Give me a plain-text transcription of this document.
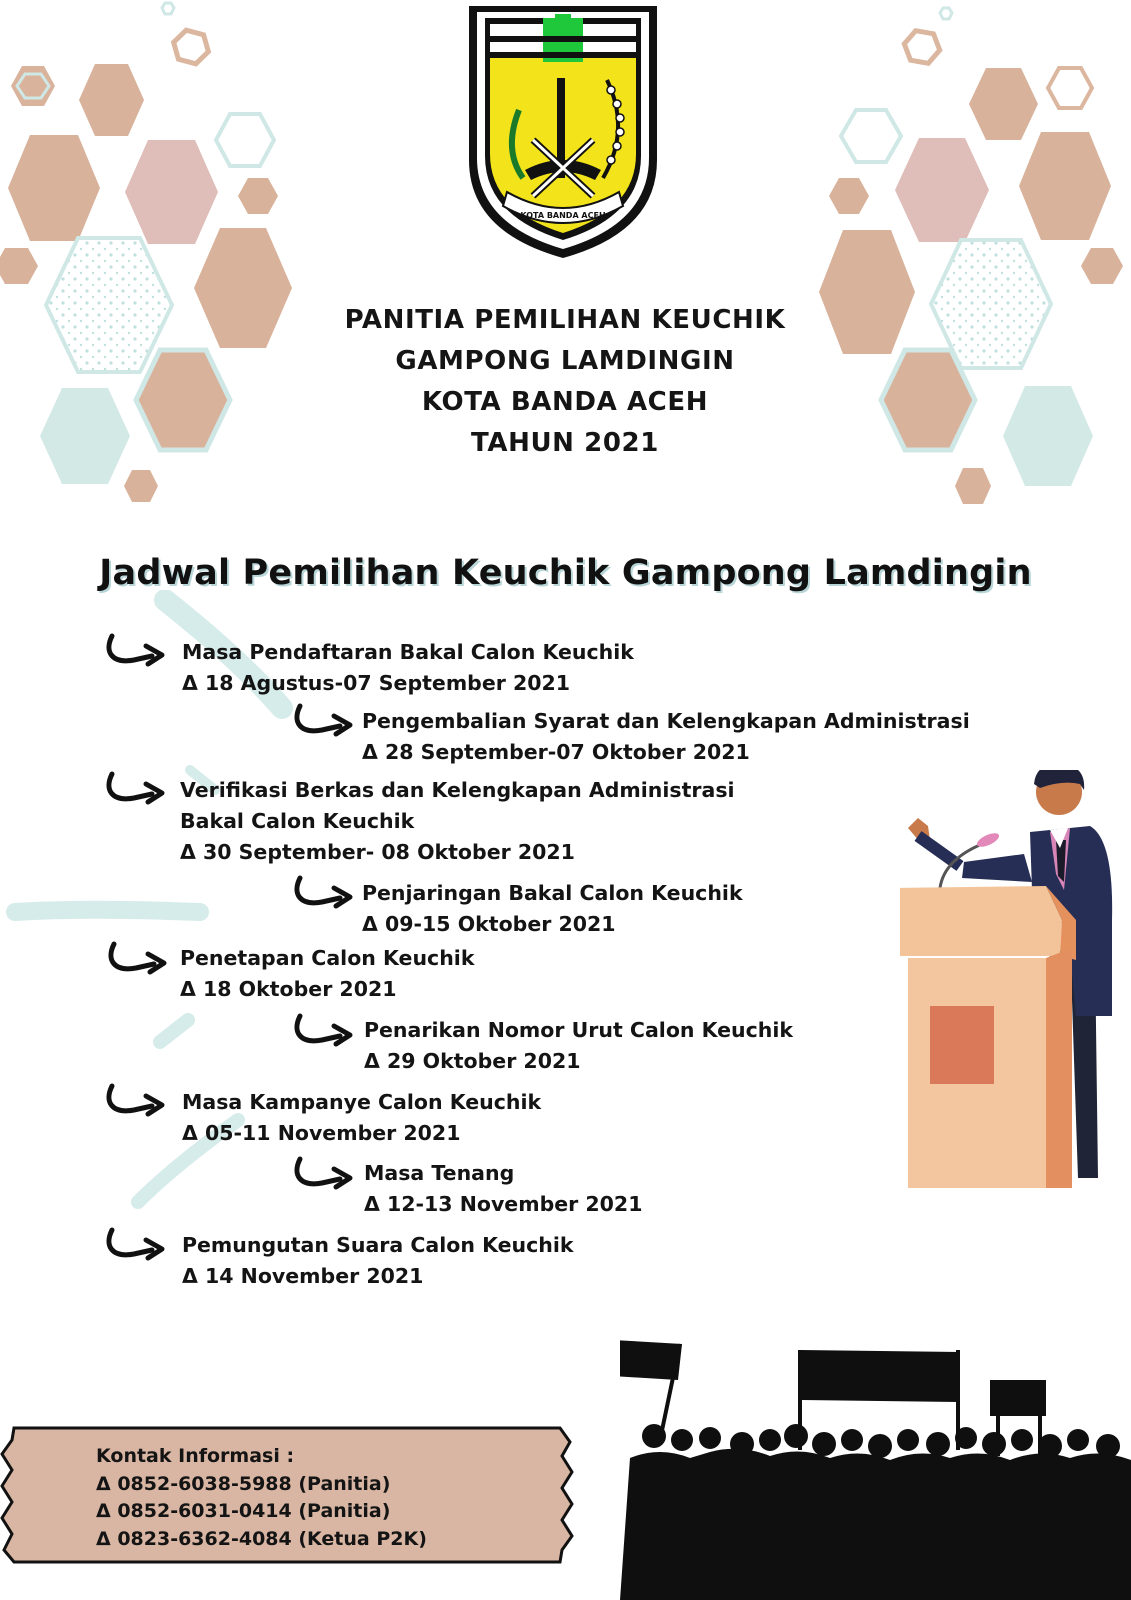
KOTA BANDA ACEH
PANITIA PEMILIHAN KEUCHIK
GAMPONG LAMDINGIN
KOTA BANDA ACEH
TAHUN 2021
Jadwal Pemilihan Keuchik Gampong Lamdingin
Masa Pendaftaran Bakal Calon Keuchik
Δ 18 Agustus-07 September 2021
Pengembalian Syarat dan Kelengkapan Administrasi
Δ 28 September-07 Oktober 2021
Verifikasi Berkas dan Kelengkapan Administrasi
Bakal Calon Keuchik
Δ 30 September- 08 Oktober 2021
Penjaringan Bakal Calon Keuchik
Δ 09-15 Oktober 2021
Penetapan Calon Keuchik
Δ 18 Oktober 2021
Penarikan Nomor Urut Calon Keuchik
Δ 29 Oktober 2021
Masa Kampanye Calon Keuchik
Δ 05-11 November 2021
Masa Tenang
Δ 12-13 November 2021
Pemungutan Suara Calon Keuchik
Δ 14 November 2021
Kontak Informasi :
Δ 0852-6038-5988 (Panitia)
Δ 0852-6031-0414 (Panitia)
Δ 0823-6362-4084 (Ketua P2K)
